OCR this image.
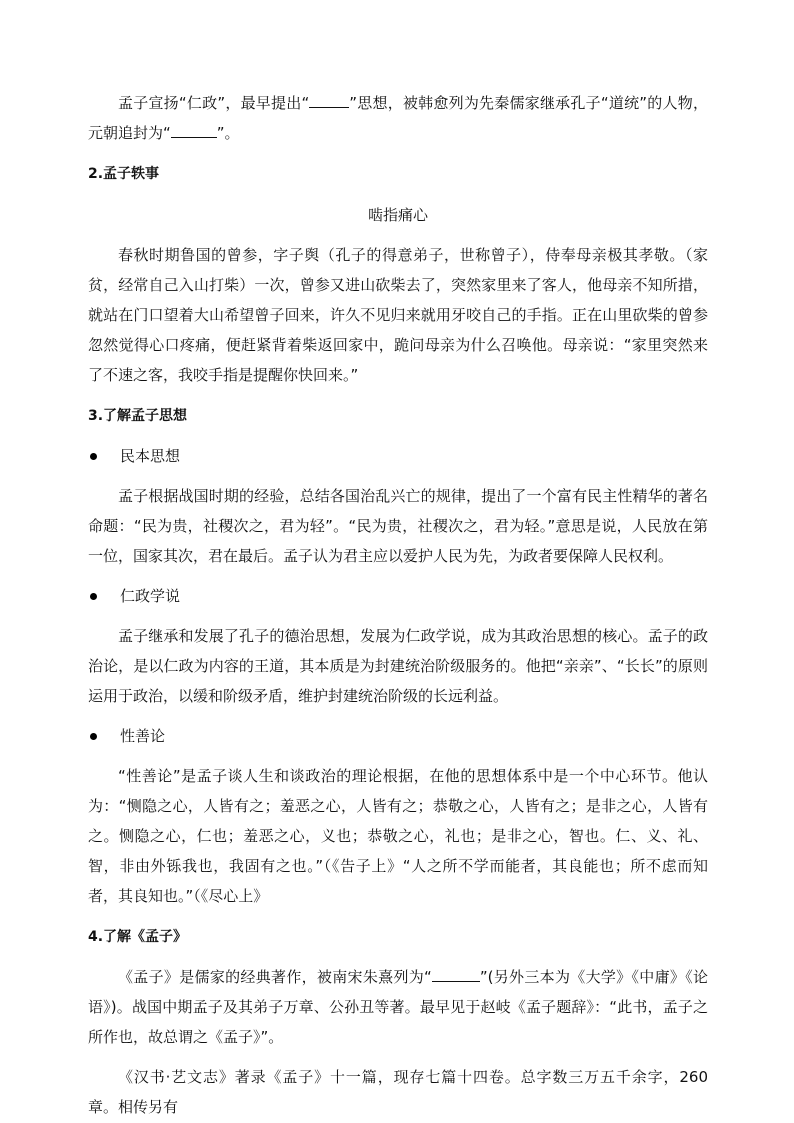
孟子宣扬“仁政”，最早提出“	”思想，被韩愈列为先秦儒家继承孔子“道统”的人物，元朝追封为“	”。

2.孟子轶事

啮指痛心

春秋时期鲁国的曾参，字子舆（孔子的得意弟子，世称曾子），侍奉母亲极其孝敬。（家贫，经常自己入山打柴）一次，曾参又进山砍柴去了，突然家里来了客人，他母亲不知所措，就站在门口望着大山希望曾子回来，许久不见归来就用牙咬自己的手指。正在山里砍柴的曾参忽然觉得心口疼痛，便赶紧背着柴返回家中，跪问母亲为什么召唤他。母亲说：“家里突然来了不速之客，我咬手指是提醒你快回来。”

3.了解孟子思想

民本思想

孟子根据战国时期的经验，总结各国治乱兴亡的规律，提出了一个富有民主性精华的著名命题：“民为贵，社稷次之，君为轻”。“民为贵，社稷次之，君为轻。”意思是说，人民放在第一位，国家其次，君在最后。孟子认为君主应以爱护人民为先，为政者要保障人民权利。

仁政学说

孟子继承和发展了孔子的德治思想，发展为仁政学说，成为其政治思想的核心。孟子的政治论，是以仁政为内容的王道，其本质是为封建统治阶级服务的。他把“亲亲”、“长长”的原则运用于政治，以缓和阶级矛盾，维护封建统治阶级的长远利益。

性善论

“性善论”是孟子谈人生和谈政治的理论根据，在他的思想体系中是一个中心环节。他认为：“恻隐之心，人皆有之；羞恶之心，人皆有之；恭敬之心，人皆有之；是非之心，人皆有之。恻隐之心，仁也；羞恶之心，义也；恭敬之心，礼也；是非之心，智也。仁、义、礼、智，非由外铄我也，我固有之也。”（《告子上》“人之所不学而能者，其良能也；所不虑而知者，其良知也。”（《尽心上》

4.了解《孟子》

《孟子》是儒家的经典著作，被南宋朱熹列为“	”(另外三本为《大学》《中庸》《论语》)。战国中期孟子及其弟子万章、公孙丑等著。最早见于赵岐《孟子题辞》：“此书，孟子之所作也，故总谓之《孟子》”。

《汉书·艺文志》著录《孟子》十一篇，现存七篇十四卷。总字数三万五千余字，260 章。相传另有
